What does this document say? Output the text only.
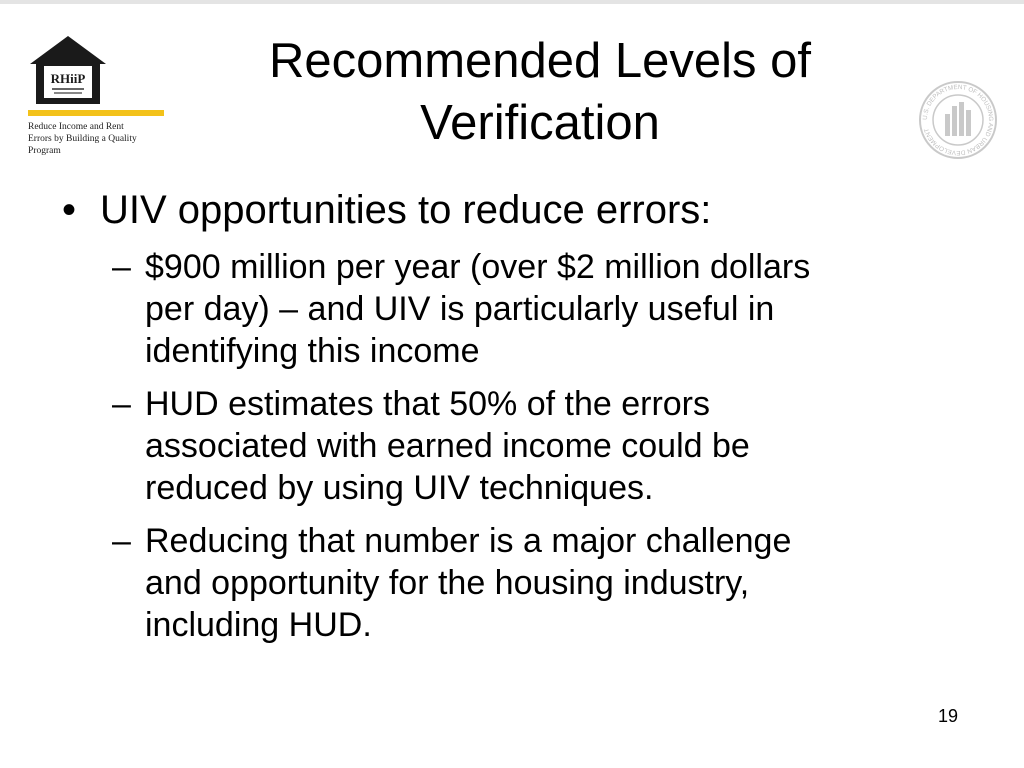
RHiiP
Reduce Income and Rent
Errors by Building a Quality
Program
U.S. DEPARTMENT OF HOUSING AND URBAN DEVELOPMENT
Recommended Levels of
Verification
• UIV opportunities to reduce errors:
– $900 million per year (over $2 million dollars
per day) – and UIV is particularly useful in
identifying this income
– HUD estimates that 50% of the errors
associated with earned income could be
reduced by using UIV techniques.
– Reducing that number is a major challenge
and opportunity for the housing industry,
including HUD.
19
